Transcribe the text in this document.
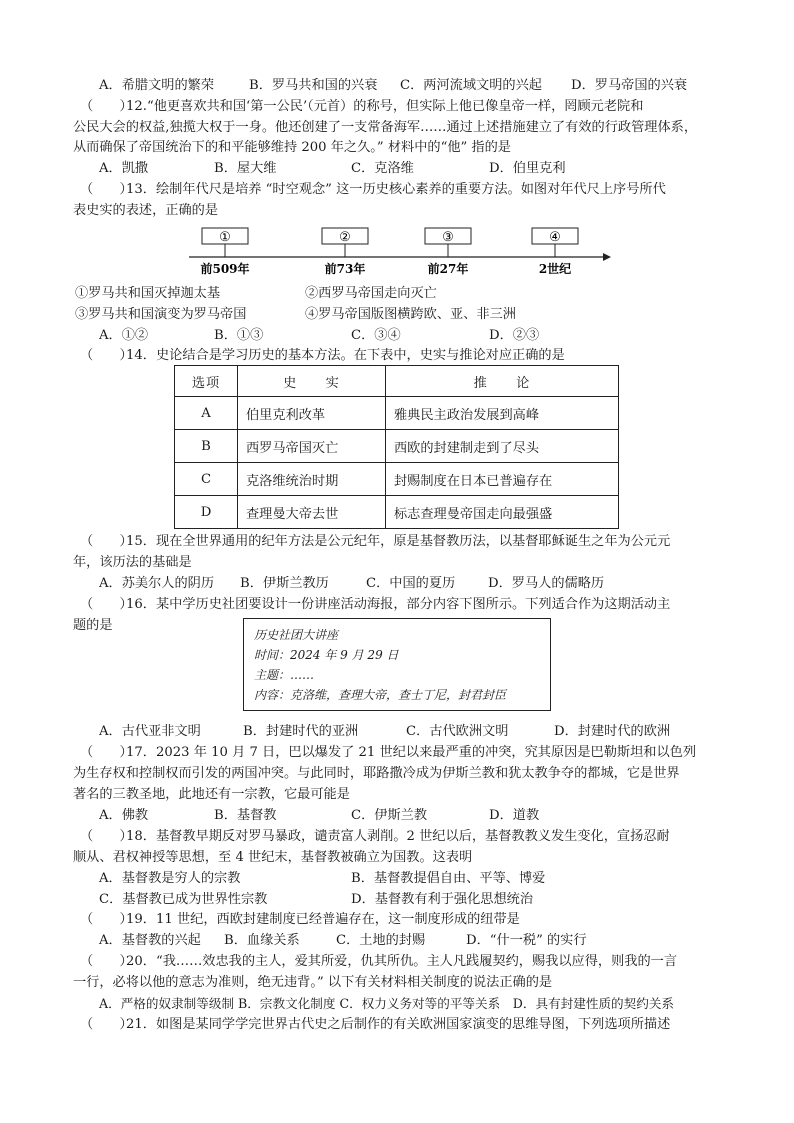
A．希腊文明的繁荣	B．罗马共和国的兴衰 C．两河流域文明的兴起 D．罗马帝国的兴衰
（　　）12.“他更喜欢共和国‘第一公民’（元首）的称号，但实际上他已像皇帝一样，罔顾元老院和
公民大会的权益,独揽大权于一身。他还创建了一支常备海军……通过上述措施建立了有效的行政管理体系，
从而确保了帝国统治下的和平能够维持 200 年之久。” 材料中的“他” 指的是
A．凯撒	B．屋大维	C．克洛维	D．伯里克利
（　　）13．绘制年代尺是培养 “时空观念” 这一历史核心素养的重要方法。如图对年代尺上序号所代
表史实的表述，正确的是
①
前509年
②
前73年
③
前27年
④
2世纪
①罗马共和国灭掉迦太基	②西罗马帝国走向灭亡
③罗马共和国演变为罗马帝国	④罗马帝国版图横跨欧、亚、非三洲
A．①②	B．①③	C．③④	D．②③
（　　）14．史论结合是学习历史的基本方法。在下表中，史实与推论对应正确的是
选项	史　　实	推　　论
A	伯里克利改革	雅典民主政治发展到高峰
B	西罗马帝国灭亡	西欧的封建制走到了尽头
C	克洛维统治时期	封赐制度在日本已普遍存在
D	查理曼大帝去世	标志查理曼帝国走向最强盛
（　　）15．现在全世界通用的纪年方法是公元纪年，原是基督教历法，以基督耶稣诞生之年为公元元
年，该历法的基础是
A．苏美尔人的阴历 B．伊斯兰教历	C．中国的夏历 D．罗马人的儒略历
（　　）16．某中学历史社团要设计一份讲座活动海报，部分内容下图所示。下列适合作为这期活动主
题的是
历史社团大讲座
时间：2024 年 9 月 29 日
主题：……
内容：克洛维，查理大帝，查士丁尼，封君封臣
A．古代亚非文明	B．封建时代的亚洲	C．古代欧洲文明	D．封建时代的欧洲
（　　）17．2023 年 10 月 7 日，巴以爆发了 21 世纪以来最严重的冲突，究其原因是巴勒斯坦和以色列
为生存权和控制权而引发的两国冲突。与此同时，耶路撒冷成为伊斯兰教和犹太教争夺的都城，它是世界
著名的三教圣地，此地还有一宗教，它最可能是
A．佛教	B．基督教	C．伊斯兰教	D．道教
（　　）18．基督教早期反对罗马暴政，谴责富人剥削。2 世纪以后，基督教教义发生变化，宣扬忍耐
顺从、君权神授等思想，至 4 世纪末，基督教被确立为国教。这表明
A．基督教是穷人的宗教	B．基督教提倡自由、平等、博爱
C．基督教已成为世界性宗教	D．基督教有利于强化思想统治
（　　）19．11 世纪，西欧封建制度已经普遍存在，这一制度形成的纽带是
A．基督教的兴起 B．血缘关系	C．土地的封赐	D．“什一税” 的实行
（　　）20．“我……效忠我的主人，爱其所爱，仇其所仇。主人凡践履契约，赐我以应得，则我的一言
一行，必将以他的意志为准则，绝无违背。” 以下有关材料相关制度的说法正确的是
A．严格的奴隶制等级制 B．宗教文化制度 C．权力义务对等的平等关系　D．具有封建性质的契约关系
（　　）21．如图是某同学学完世界古代史之后制作的有关欧洲国家演变的思维导图，下列选项所描述
